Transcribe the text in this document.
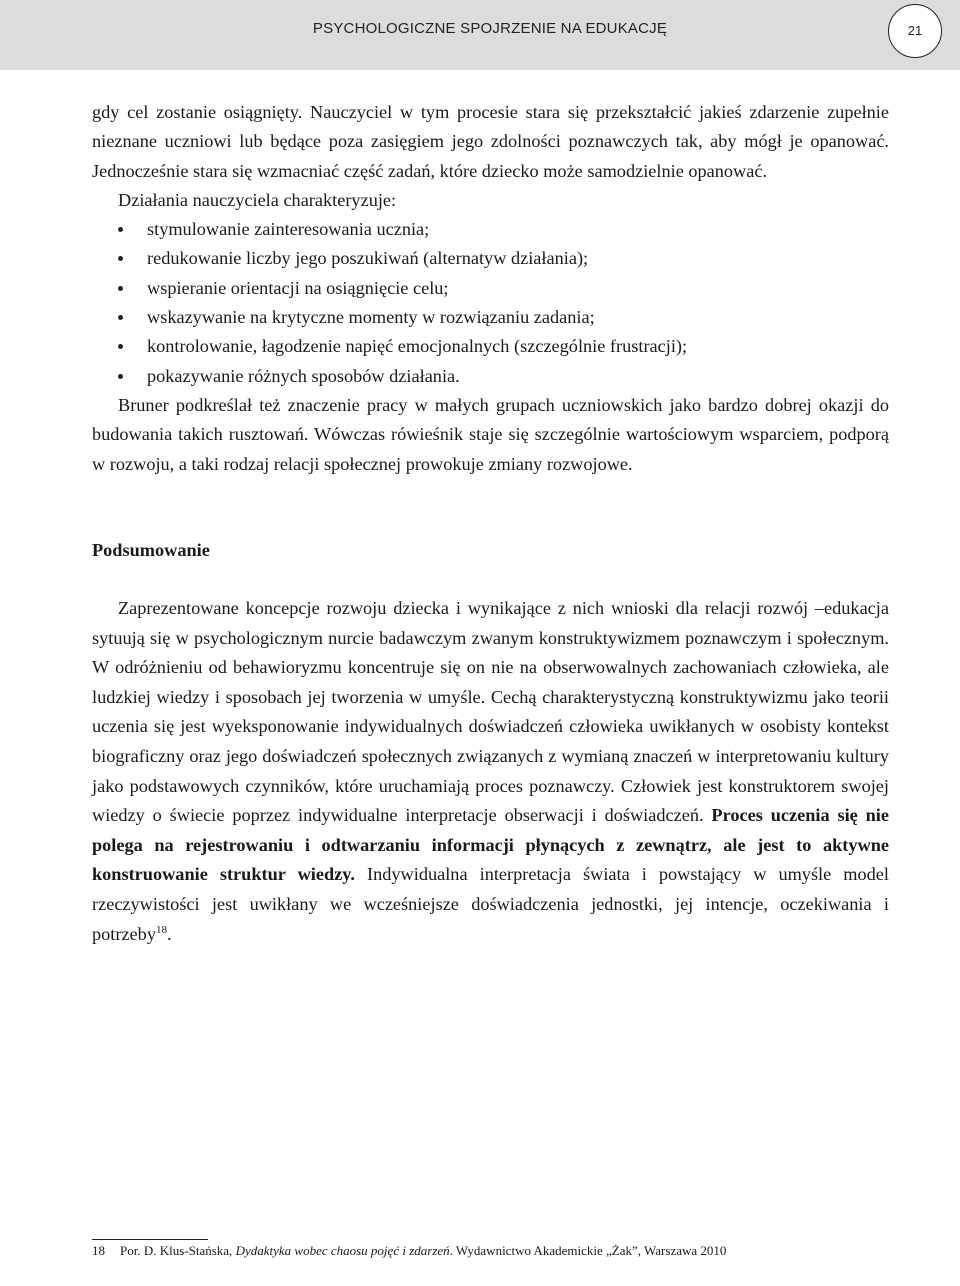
PSYCHOLOGICZNE SPOJRZENIE NA EDUKACJĘ	21

gdy cel zostanie osiągnięty. Nauczyciel w tym procesie stara się przekształcić jakieś zdarzenie zupełnie nieznane uczniowi lub będące poza zasięgiem jego zdolności poznawczych tak, aby mógł je opanować. Jednocześnie stara się wzmacniać część zadań, które dziecko może samodzielnie opanować.

Działania nauczyciela charakteryzuje:

stymulowanie zainteresowania ucznia;
redukowanie liczby jego poszukiwań (alternatyw działania);
wspieranie orientacji na osiągnięcie celu;
wskazywanie na krytyczne momenty w rozwiązaniu zadania;
kontrolowanie, łagodzenie napięć emocjonalnych (szczególnie frustracji);
pokazywanie różnych sposobów działania.

Bruner podkreślał też znaczenie pracy w małych grupach uczniowskich jako bardzo dobrej okazji do budowania takich rusztowań. Wówczas rówieśnik staje się szczególnie wartościowym wsparciem, podporą w rozwoju, a taki rodzaj relacji społecznej prowokuje zmiany rozwojowe.

Podsumowanie

Zaprezentowane koncepcje rozwoju dziecka i wynikające z nich wnioski dla relacji rozwój –edukacja sytuują się w psychologicznym nurcie badawczym zwanym konstruktywizmem poznawczym i społecznym. W odróżnieniu od behawioryzmu koncentruje się on nie na obserwowalnych zachowaniach człowieka, ale ludzkiej wiedzy i sposobach jej tworzenia w umyśle. Cechą charakterystyczną konstruktywizmu jako teorii uczenia się jest wyeksponowanie indywidualnych doświadczeń człowieka uwikłanych w osobisty kontekst biograficzny oraz jego doświadczeń społecznych związanych z wymianą znaczeń w interpretowaniu kultury jako podstawowych czynników, które uruchamiają proces poznawczy. Człowiek jest konstruktorem swojej wiedzy o świecie poprzez indywidualne interpretacje obserwacji i doświadczeń. Proces uczenia się nie polega na rejestrowaniu i odtwarzaniu informacji płynących z zewnątrz, ale jest to aktywne konstruowanie struktur wiedzy. Indywidualna interpretacja świata i powstający w umyśle model rzeczywistości jest uwikłany we wcześniejsze doświadczenia jednostki, jej intencje, oczekiwania i potrzeby$^{18}$.

18 Por. D. Klus-Stańska, Dydaktyka wobec chaosu pojęć i zdarzeń. Wydawnictwo Akademickie „Żak”, Warszawa 2010
